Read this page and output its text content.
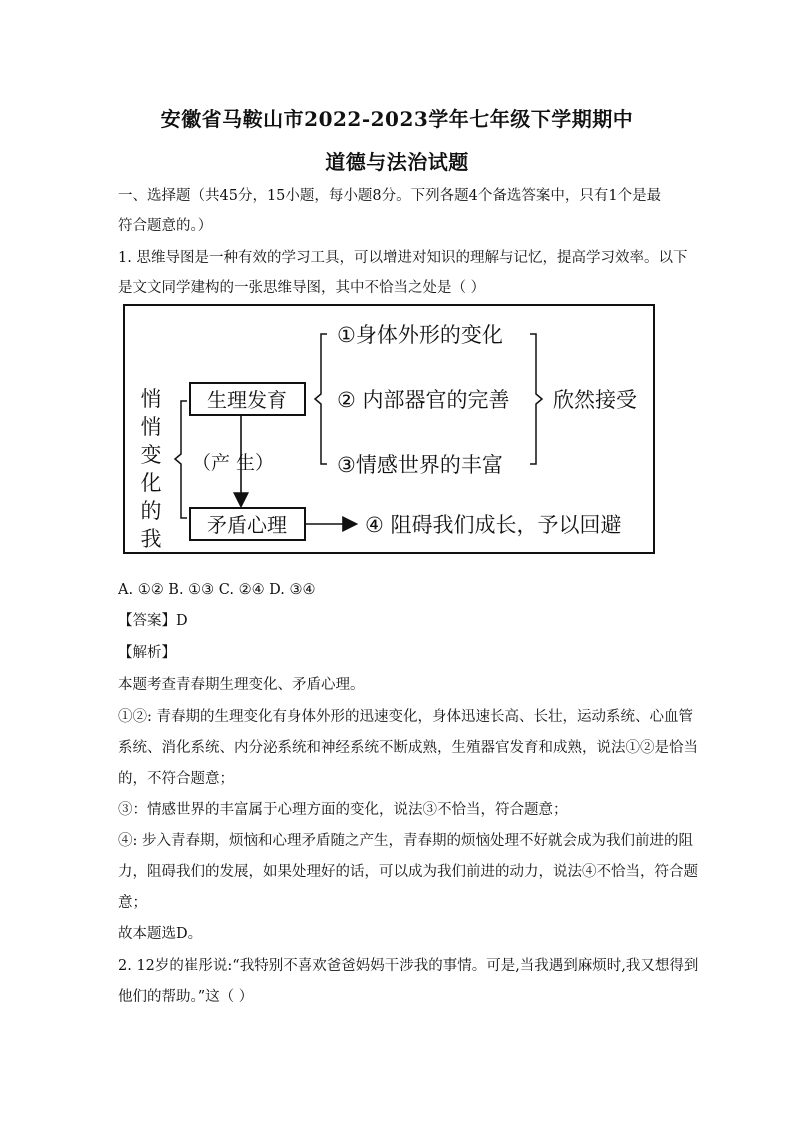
安徽省马鞍山市2022-2023学年七年级下学期期中
道德与法治试题
一、选择题（共45分，15小题，每小题8分。下列各题4个备选答案中，只有1个是最
符合题意的。）
1. 思维导图是一种有效的学习工具，可以增进对知识的理解与记忆，提高学习效率。以下
是文文同学建构的一张思维导图，其中不恰当之处是（ ）
悄
悄
变
化
的
我
生理发育
矛盾心理
（产 生）
①身体外形的变化
② 内部器官的完善
③情感世界的丰富
欣然接受
④ 阻碍我们成长，予以回避
A. ①② B. ①③ C. ②④ D. ③④
【答案】D
【解析】
本题考查青春期生理变化、矛盾心理。
①②: 青春期的生理变化有身体外形的迅速变化，身体迅速长高、长壮，运动系统、心血管
系统、消化系统、内分泌系统和神经系统不断成熟，生殖器官发育和成熟，说法①②是恰当
的，不符合题意；
③：情感世界的丰富属于心理方面的变化，说法③不恰当，符合题意；
④: 步入青春期，烦恼和心理矛盾随之产生，青春期的烦恼处理不好就会成为我们前进的阻
力，阻碍我们的发展，如果处理好的话，可以成为我们前进的动力，说法④不恰当，符合题
意；
故本题选D。
2. 12岁的崔彤说:“我特别不喜欢爸爸妈妈干涉我的事情。可是,当我遇到麻烦时,我又想得到
他们的帮助。”这（ ）
